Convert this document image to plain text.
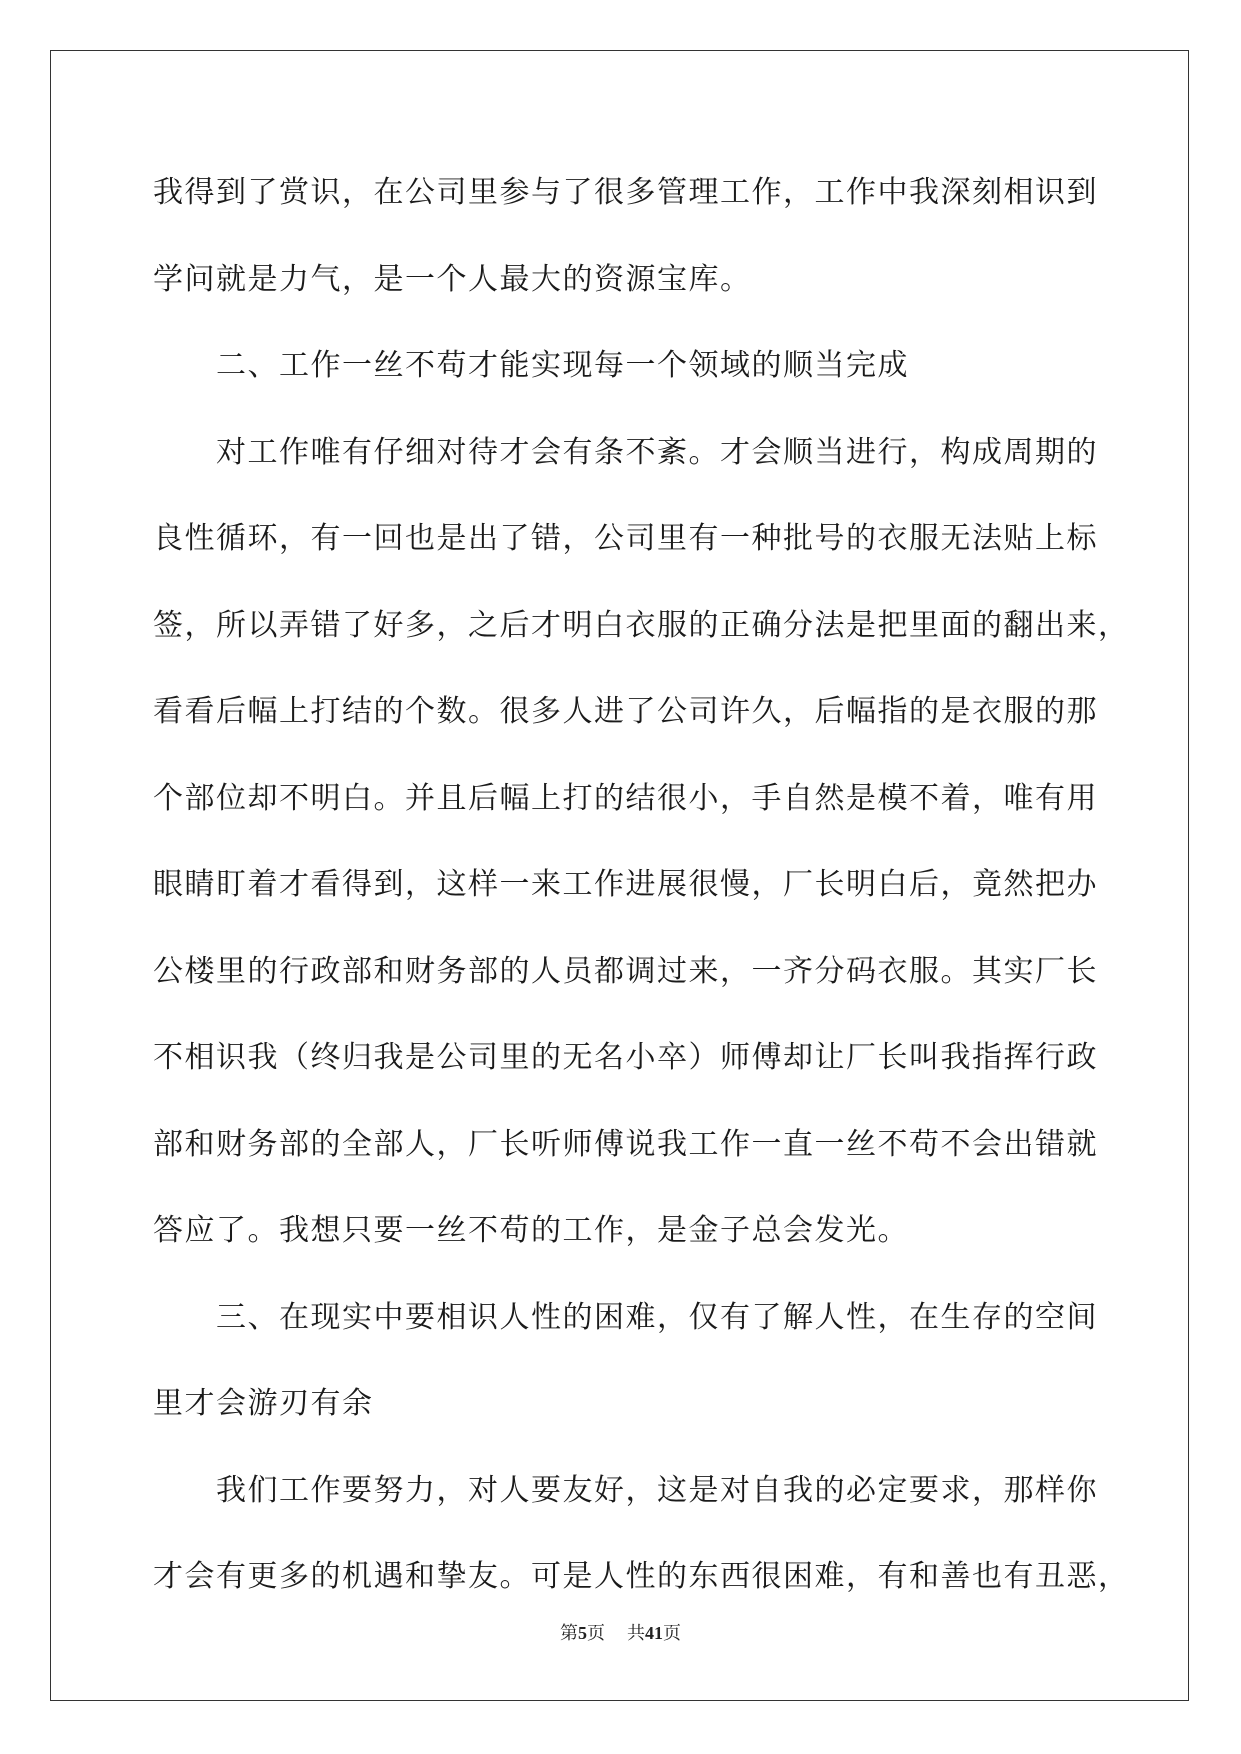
我得到了赏识，在公司里参与了很多管理工作，工作中我深刻相识到
学问就是力气，是一个人最大的资源宝库。
二、工作一丝不苟才能实现每一个领域的顺当完成
对工作唯有仔细对待才会有条不紊。才会顺当进行，构成周期的
良性循环，有一回也是出了错，公司里有一种批号的衣服无法贴上标
签，所以弄错了好多，之后才明白衣服的正确分法是把里面的翻出来，
看看后幅上打结的个数。很多人进了公司许久，后幅指的是衣服的那
个部位却不明白。并且后幅上打的结很小，手自然是模不着，唯有用
眼睛盯着才看得到，这样一来工作进展很慢，厂长明白后，竟然把办
公楼里的行政部和财务部的人员都调过来，一齐分码衣服。其实厂长
不相识我（终归我是公司里的无名小卒）师傅却让厂长叫我指挥行政
部和财务部的全部人，厂长听师傅说我工作一直一丝不苟不会出错就
答应了。我想只要一丝不苟的工作，是金子总会发光。
三、在现实中要相识人性的困难，仅有了解人性，在生存的空间
里才会游刃有余
我们工作要努力，对人要友好，这是对自我的必定要求，那样你
才会有更多的机遇和挚友。可是人性的东西很困难，有和善也有丑恶，
第5页 共41页
